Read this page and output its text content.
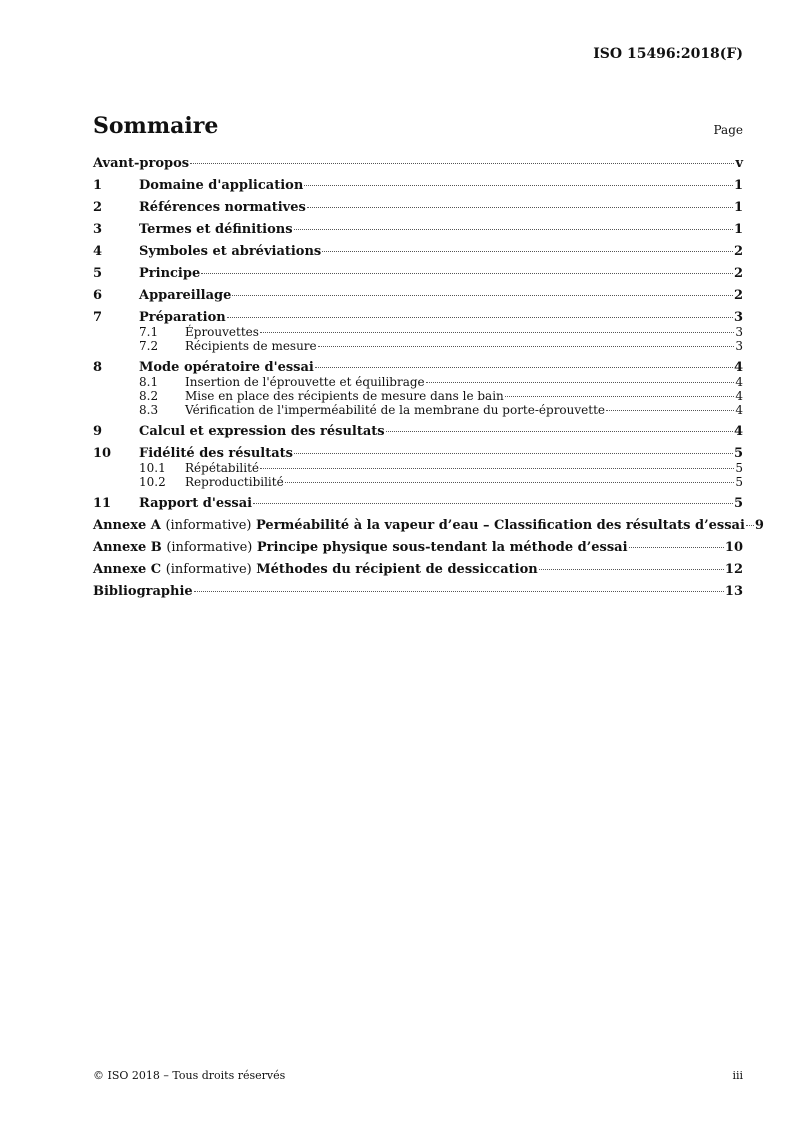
ISO 15496:2018(F)
Sommaire	Page
Avant-propos	v
1	Domaine d'application	1
2	Références normatives	1
3	Termes et définitions	1
4	Symboles et abréviations	2
5	Principe	2
6	Appareillage	2
7	Préparation	3
7.1	Éprouvettes	3
7.2	Récipients de mesure	3
8	Mode opératoire d'essai	4
8.1	Insertion de l'éprouvette et équilibrage	4
8.2	Mise en place des récipients de mesure dans le bain	4
8.3	Vérification de l'imperméabilité de la membrane du porte-éprouvette	4
9	Calcul et expression des résultats	4
10	Fidélité des résultats	5
10.1	Répétabilité	5
10.2	Reproductibilité	5
11	Rapport d'essai	5
Annexe A (informative) Perméabilité à la vapeur d’eau – Classification des résultats d’essai 9
Annexe B (informative) Principe physique sous-tendant la méthode d’essai	10
Annexe C (informative) Méthodes du récipient de dessiccation	12
Bibliographie	13
© ISO 2018 – Tous droits réservés	iii
